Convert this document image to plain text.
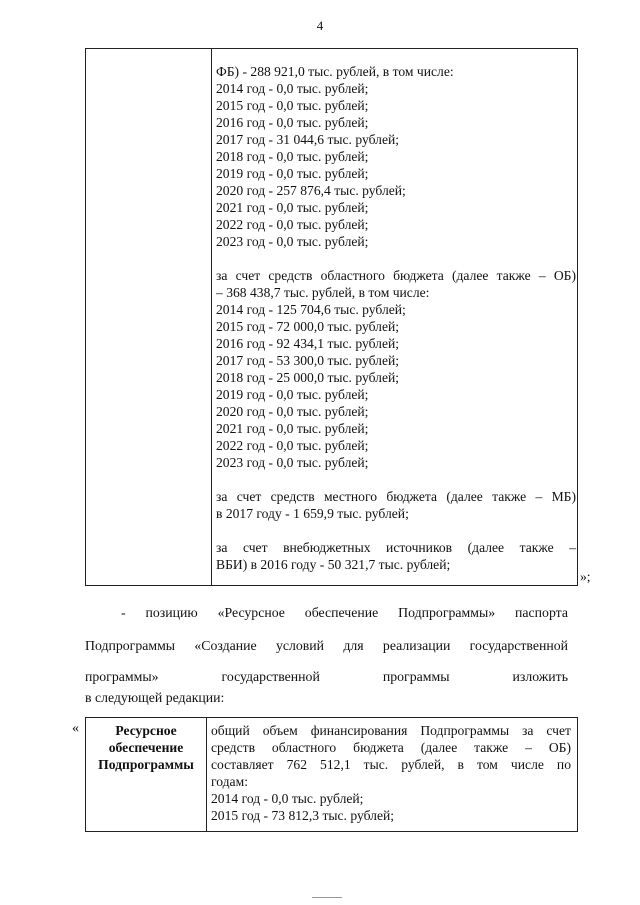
4
ФБ) - 288 921,0 тыс. рублей, в том числе:
2014 год - 0,0 тыс. рублей;
2015 год - 0,0 тыс. рублей;
2016 год - 0,0 тыс. рублей;
2017 год - 31 044,6 тыс. рублей;
2018 год - 0,0 тыс. рублей;
2019 год - 0,0 тыс. рублей;
2020 год - 257 876,4 тыс. рублей;
2021 год - 0,0 тыс. рублей;
2022 год - 0,0 тыс. рублей;
2023 год - 0,0 тыс. рублей;
за счет средств областного бюджета (далее также – ОБ)
– 368 438,7 тыс. рублей, в том числе:
2014 год - 125 704,6 тыс. рублей;
2015 год - 72 000,0 тыс. рублей;
2016 год - 92 434,1 тыс. рублей;
2017 год - 53 300,0 тыс. рублей;
2018 год - 25 000,0 тыс. рублей;
2019 год - 0,0 тыс. рублей;
2020 год - 0,0 тыс. рублей;
2021 год - 0,0 тыс. рублей;
2022 год - 0,0 тыс. рублей;
2023 год - 0,0 тыс. рублей;
за счет средств местного бюджета (далее также – МБ)
в 2017 году - 1 659,9 тыс. рублей;
за счет внебюджетных источников (далее также –
ВБИ) в 2016 году - 50 321,7 тыс. рублей;
»;
- позицию «Ресурсное обеспечение Подпрограммы» паспорта
Подпрограммы «Создание условий для реализации государственной
программы» государственной программы изложить
в следующей редакции:
«	Ресурсное
обеспечение
Подпрограммы
общий объем финансирования Подпрограммы за счет
средств областного бюджета (далее также – ОБ)
составляет 762 512,1 тыс. рублей, в том числе по
годам:
2014 год - 0,0 тыс. рублей;
2015 год - 73 812,3 тыс. рублей;
